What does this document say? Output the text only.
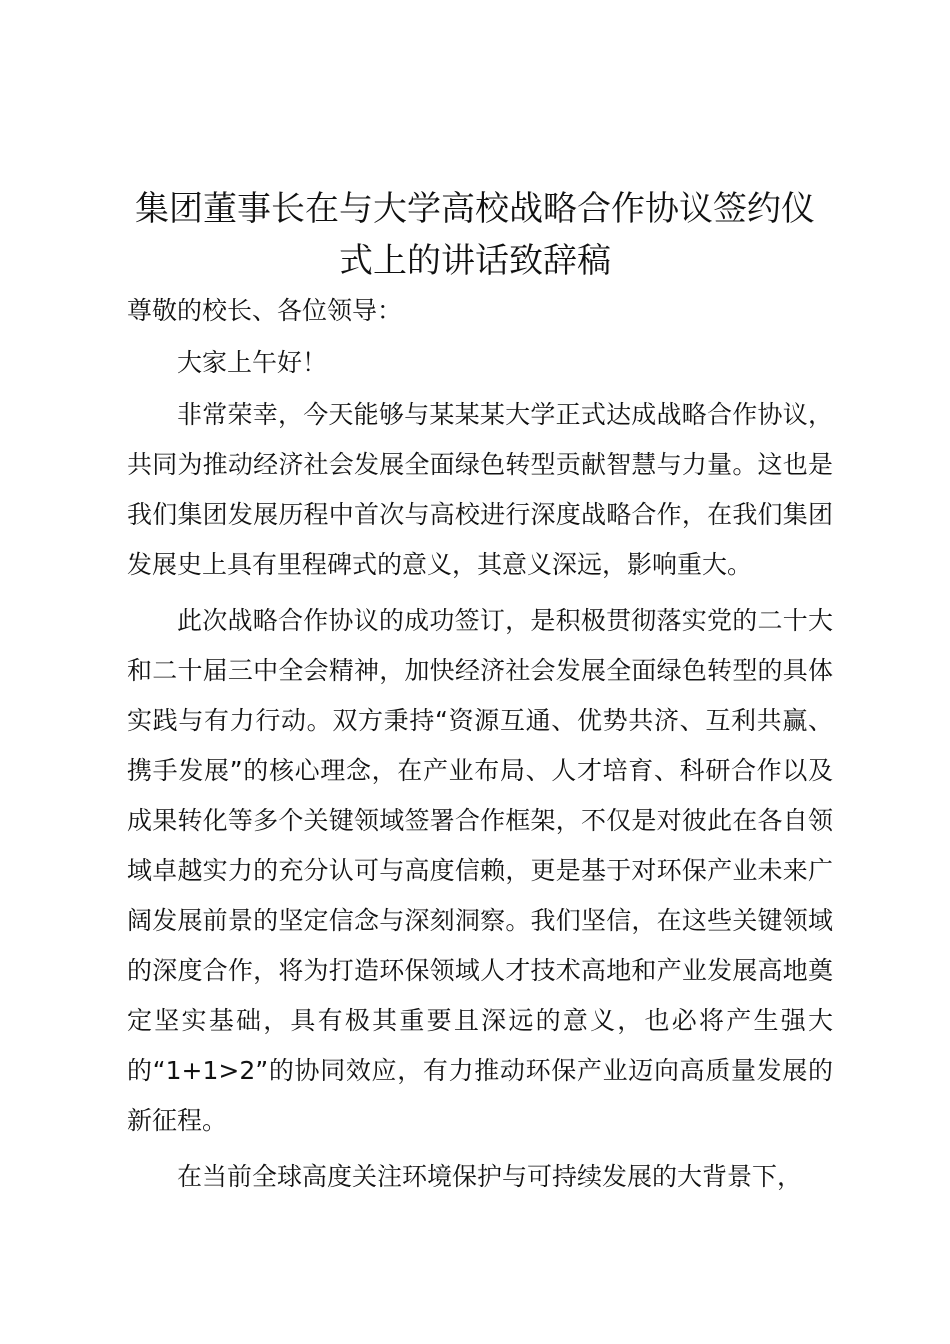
集团董事长在与大学高校战略合作协议签约仪
式上的讲话致辞稿

尊敬的校长、各位领导：

大家上午好！

非常荣幸，今天能够与某某某大学正式达成战略合作协议，共同为推动经济社会发展全面绿色转型贡献智慧与力量。这也是我们集团发展历程中首次与高校进行深度战略合作，在我们集团发展史上具有里程碑式的意义，其意义深远，影响重大。

此次战略合作协议的成功签订，是积极贯彻落实党的二十大和二十届三中全会精神，加快经济社会发展全面绿色转型的具体实践与有力行动。双方秉持“资源互通、优势共济、互利共赢、携手发展”的核心理念，在产业布局、人才培育、科研合作以及成果转化等多个关键领域签署合作框架，不仅是对彼此在各自领域卓越实力的充分认可与高度信赖，更是基于对环保产业未来广阔发展前景的坚定信念与深刻洞察。我们坚信，在这些关键领域的深度合作，将为打造环保领域人才技术高地和产业发展高地奠定坚实基础，具有极其重要且深远的意义，也必将产生强大的“1+1>2”的协同效应，有力推动环保产业迈向高质量发展的新征程。

在当前全球高度关注环境保护与可持续发展的大背景下，
